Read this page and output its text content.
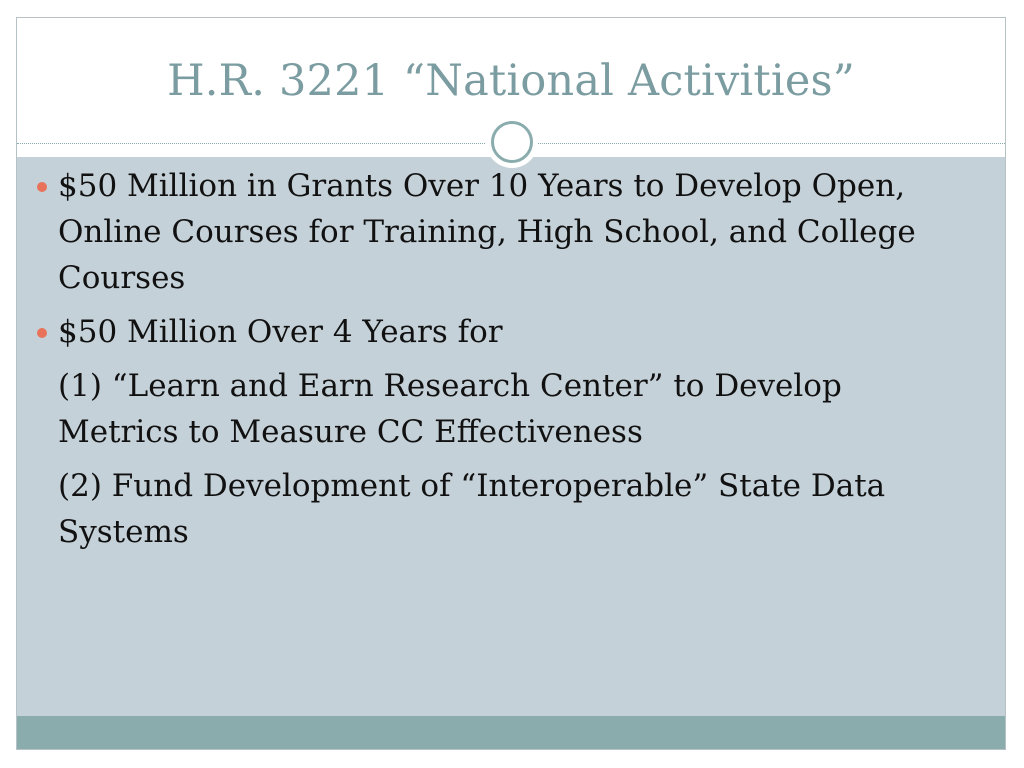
H.R. 3221 “National Activities”
$50 Million in Grants Over 10 Years to Develop Open, Online Courses for Training, High School, and College Courses
$50 Million Over 4 Years for
(1) “Learn and Earn Research Center” to Develop Metrics to Measure CC Effectiveness
(2) Fund Development of “Interoperable” State Data Systems
